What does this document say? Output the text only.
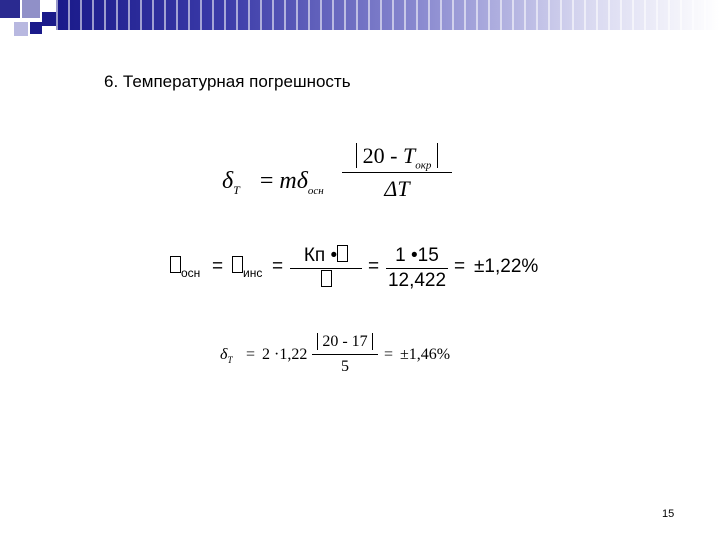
6. Температурная погрешность
$\delta_T = m\delta_{осн}$
$20 - T_{окр}$
ΔT
$_{осн}$ =	$_{инс}$ =
Кп •
=
1 •15
12,422
= ±1,22%
$\delta_T = 2 \cdot 1,22$
20 - 17
5
= ±1,46%
15
